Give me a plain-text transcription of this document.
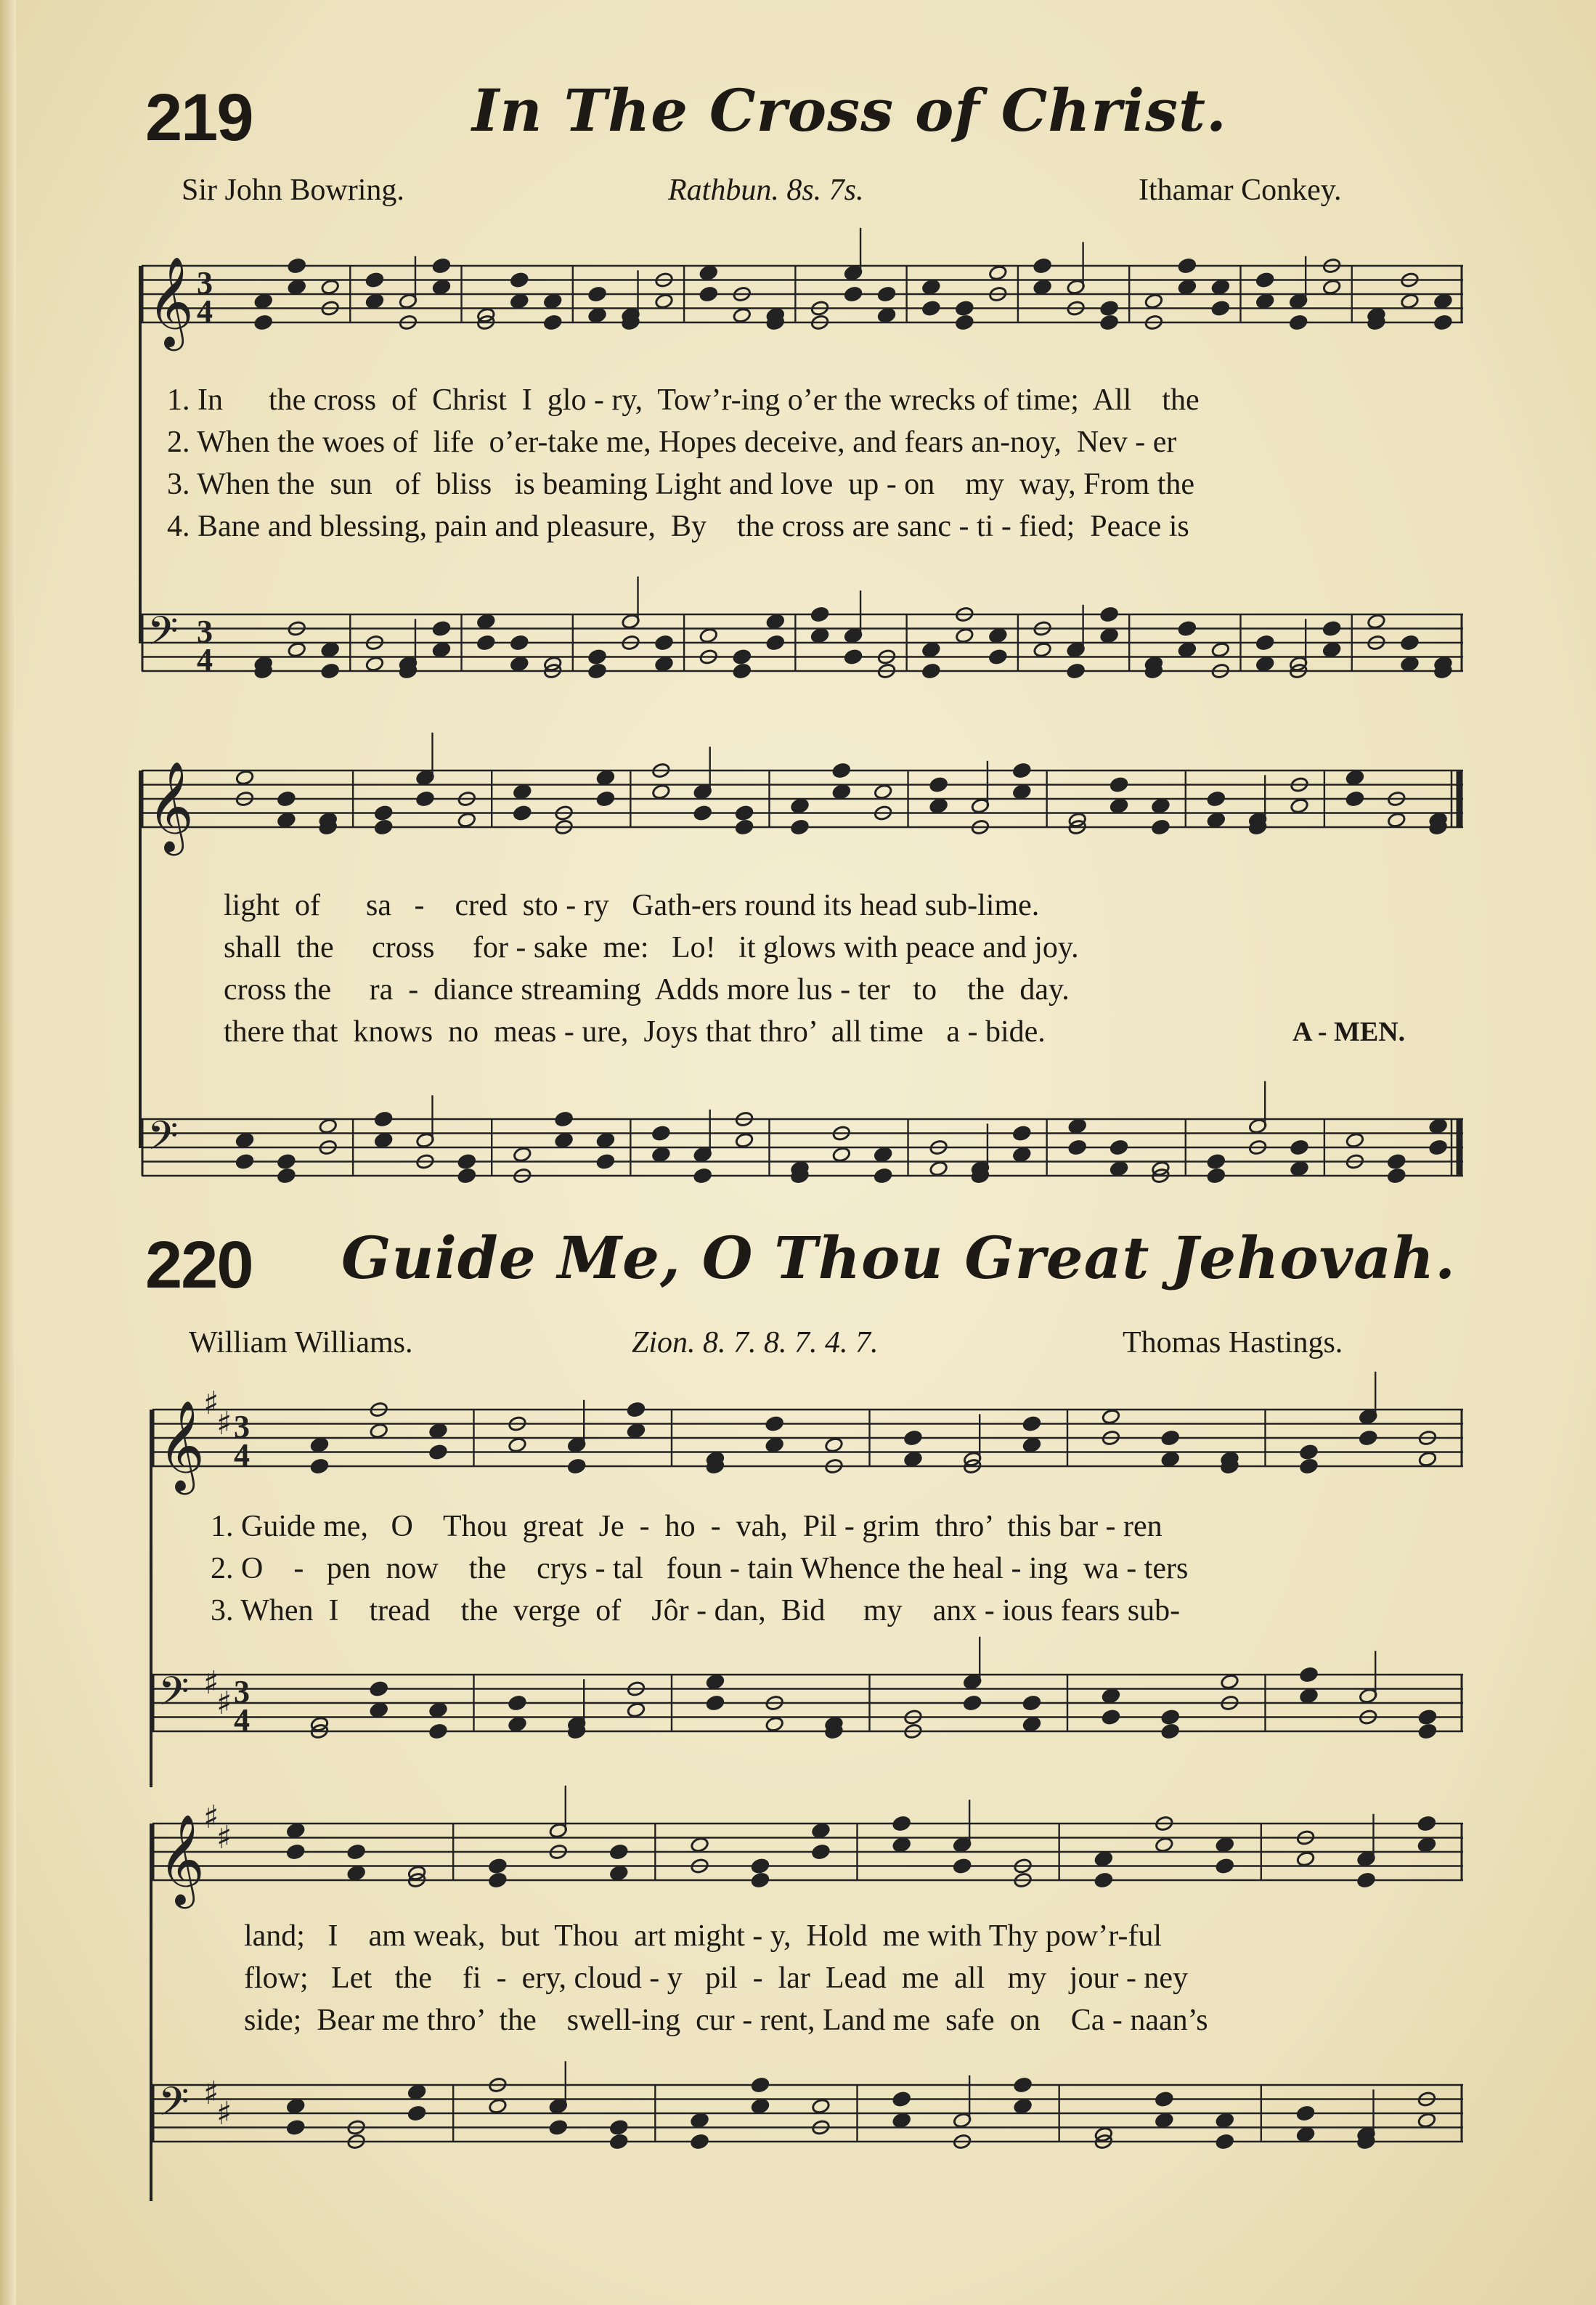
219	In The Cross of Christ.
Sir John Bowring.	Rathbun. 8s. 7s.	Ithamar Conkey.
𝄞 3
4
1. In      the cross  of  Christ  I  glo - ry,  Tow’r-ing o’er the wrecks of time;  All    the
2. When the woes of  life  o’er-take me, Hopes deceive, and fears an-noy,  Nev - er
3. When the  sun   of  bliss   is beaming Light and love  up - on    my  way, From the
4. Bane and blessing, pain and pleasure,  By    the cross are sanc - ti - fied;  Peace is
𝄢 3
4
𝄞
light  of      sa   -    cred  sto - ry   Gath-ers round its head sub-lime.
shall  the     cross     for - sake  me:   Lo!   it glows with peace and joy.
cross the     ra  -  diance streaming  Adds more lus - ter   to    the  day.
there that  knows  no  meas - ure,  Joys that thro’  all time   a - bide.	A - MEN.
𝄢
220 Guide Me, O Thou Great Jehovah.
William Williams.	Zion. 8. 7. 8. 7. 4. 7.	Thomas Hastings.
𝄞
♯
♯ 3
4
1. Guide me,   O    Thou  great  Je  -  ho  -  vah,  Pil - grim  thro’  this bar - ren
2. O    -   pen  now    the    crys - tal   foun - tain Whence the heal - ing  wa - ters
3. When  I    tread    the  verge  of    Jôr - dan,  Bid     my    anx - ious fears sub-
𝄢 ♯
♯ 3
4
𝄞
♯
♯
land;   I    am weak,  but  Thou  art might - y,  Hold  me with Thy pow’r-ful
flow;   Let   the    fi  -  ery, cloud - y   pil  -  lar  Lead  me  all   my   jour - ney
side;  Bear me thro’  the    swell-ing  cur - rent, Land me  safe  on    Ca - naan’s
𝄢 ♯
♯
